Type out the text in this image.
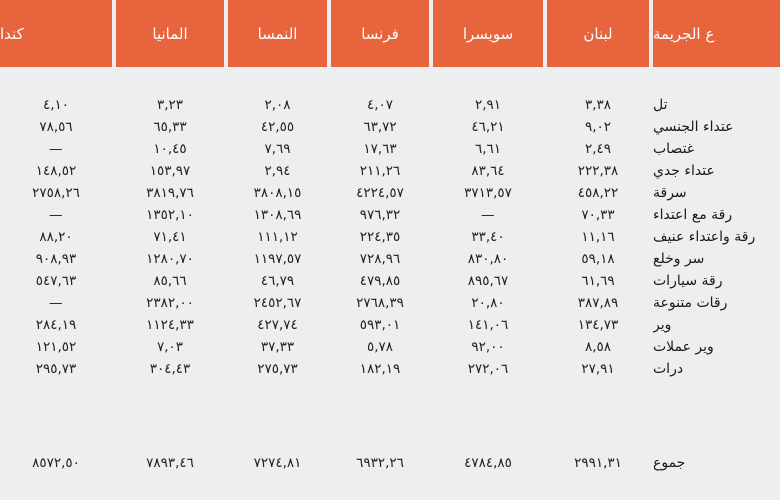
ع الجريمة
لبنان
سويسرا
فرنسا
النمسا
المانيا
كندا
تل
٣,٣٨
٢,٩١
٤,٠٧
٢,٠٨
٣,٢٣
٤,١٠
عتداء الجنسي
٩,٠٢
٤٦,٢١
٦٣,٧٢
٤٢,٥٥
٦٥,٣٣
٧٨,٥٦
غتصاب
٢,٤٩
٦,٦١
١٧,٦٣
٧,٦٩
١٠,٤٥
—
عتداء جدي
٢٢٢,٣٨
٨٣,٦٤
٢١١,٢٦
٢,٩٤
١٥٣,٩٧
١٤٨,٥٢
سرقة
٤٥٨,٢٢
٣٧١٣,٥٧
٤٢٢٤,٥٧
٣٨٠٨,١٥
٣٨١٩,٧٦
٢٧٥٨,٢٦
رقة مع اعتداء
٧٠,٣٣
—
٩٧٦,٣٢
١٣٠٨,٦٩
١٣٥٢,١٠
—
رقة واعتداء عنيف
١١,١٦
٣٣,٤٠
٢٢٤,٣٥
١١١,١٢
٧١,٤١
٨٨,٢٠
سر وخلع
٥٩,١٨
٨٣٠,٨٠
٧٢٨,٩٦
١١٩٧,٥٧
١٢٨٠,٧٠
٩٠٨,٩٣
رقة سيارات
٦١,٦٩
٨٩٥,٦٧
٤٧٩,٨٥
٤٦,٧٩
٨٥,٦٦
٥٤٧,٦٣
رقات متنوعة
٣٨٧,٨٩
٢٠,٨٠
٢٧٦٨,٣٩
٢٤٥٢,٦٧
٢٣٨٢,٠٠
—
وير
١٣٤,٧٣
١٤١,٠٦
٥٩٣,٠١
٤٢٧,٧٤
١١٢٤,٣٣
٢٨٤,١٩
وير عملات
٨,٥٨
٩٢,٠٠
٥,٧٨
٣٧,٣٣
٧,٠٣
١٢١,٥٢
درات
٢٧,٩١
٢٧٢,٠٦
١٨٢,١٩
٢٧٥,٧٣
٣٠٤,٤٣
٢٩٥,٧٣
جموع
٢٩٩١,٣١
٤٧٨٤,٨٥
٦٩٣٢,٢٦
٧٢٧٤,٨١
٧٨٩٣,٤٦
٨٥٧٢,٥٠
